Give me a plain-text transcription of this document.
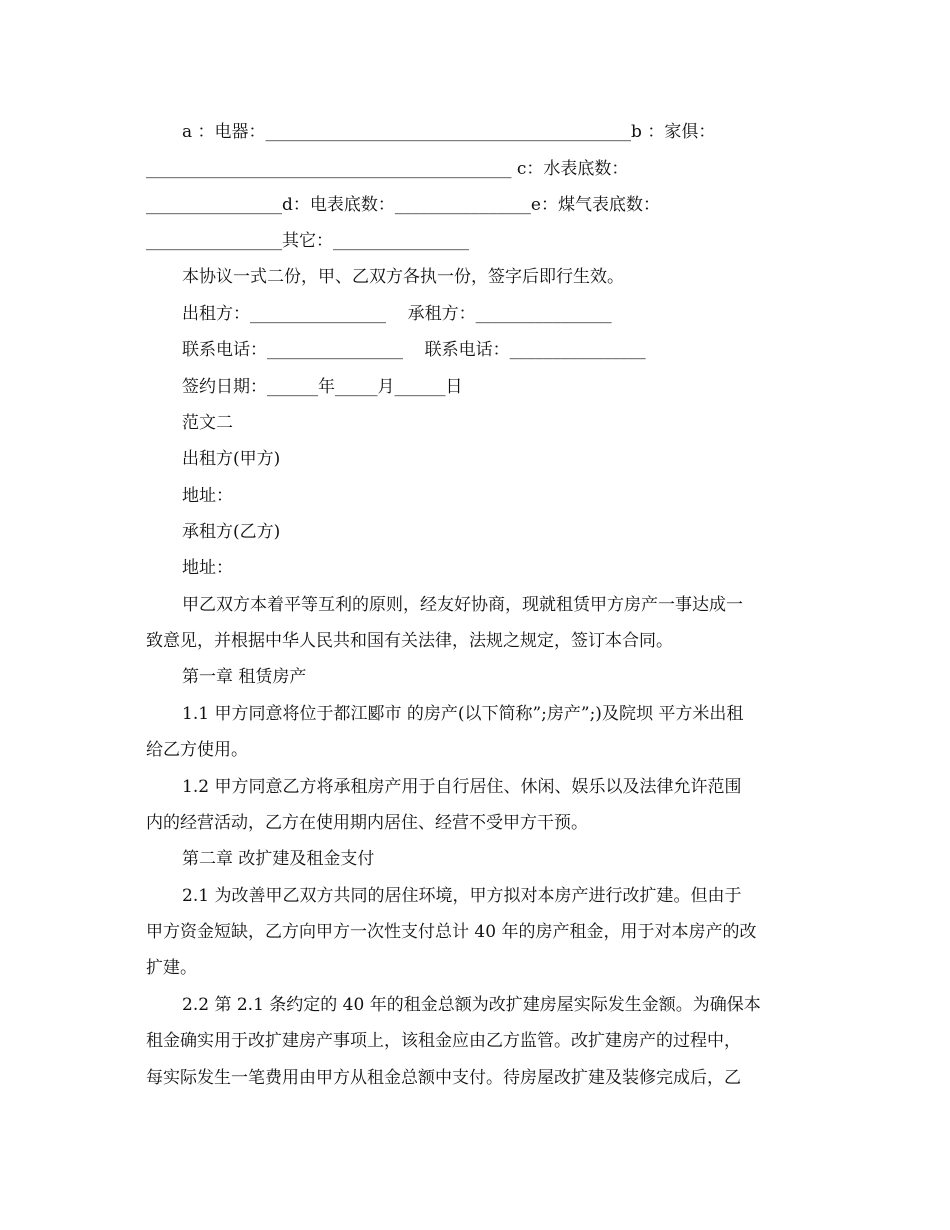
a ：电器：___________________________________________b ：家俱：
___________________________________________ c：水表底数：
________________d：电表底数：________________e：煤气表底数：
________________其它：________________
本协议一式二份，甲、乙双方各执一份，签字后即行生效。
出租方：________________    承租方：________________
联系电话：________________    联系电话：________________
签约日期：______年_____月______日
范文二
出租方(甲方)
地址：
承租方(乙方)
地址：
甲乙双方本着平等互利的原则，经友好协商，现就租赁甲方房产一事达成一
致意见，并根据中华人民共和国有关法律，法规之规定，签订本合同。
第一章 租赁房产
1.1 甲方同意将位于都江郾市 的房产(以下简称”;房产”;)及院坝 平方米出租
给乙方使用。
1.2 甲方同意乙方将承租房产用于自行居住、休闲、娱乐以及法律允许范围
内的经营活动，乙方在使用期内居住、经营不受甲方干预。
第二章 改扩建及租金支付
2.1 为改善甲乙双方共同的居住环境，甲方拟对本房产进行改扩建。但由于
甲方资金短缺，乙方向甲方一次性支付总计 40 年的房产租金，用于对本房产的改
扩建。
2.2 第 2.1 条约定的 40 年的租金总额为改扩建房屋实际发生金额。为确保本
租金确实用于改扩建房产事项上，该租金应由乙方监管。改扩建房产的过程中，
每实际发生一笔费用由甲方从租金总额中支付。待房屋改扩建及装修完成后，乙
